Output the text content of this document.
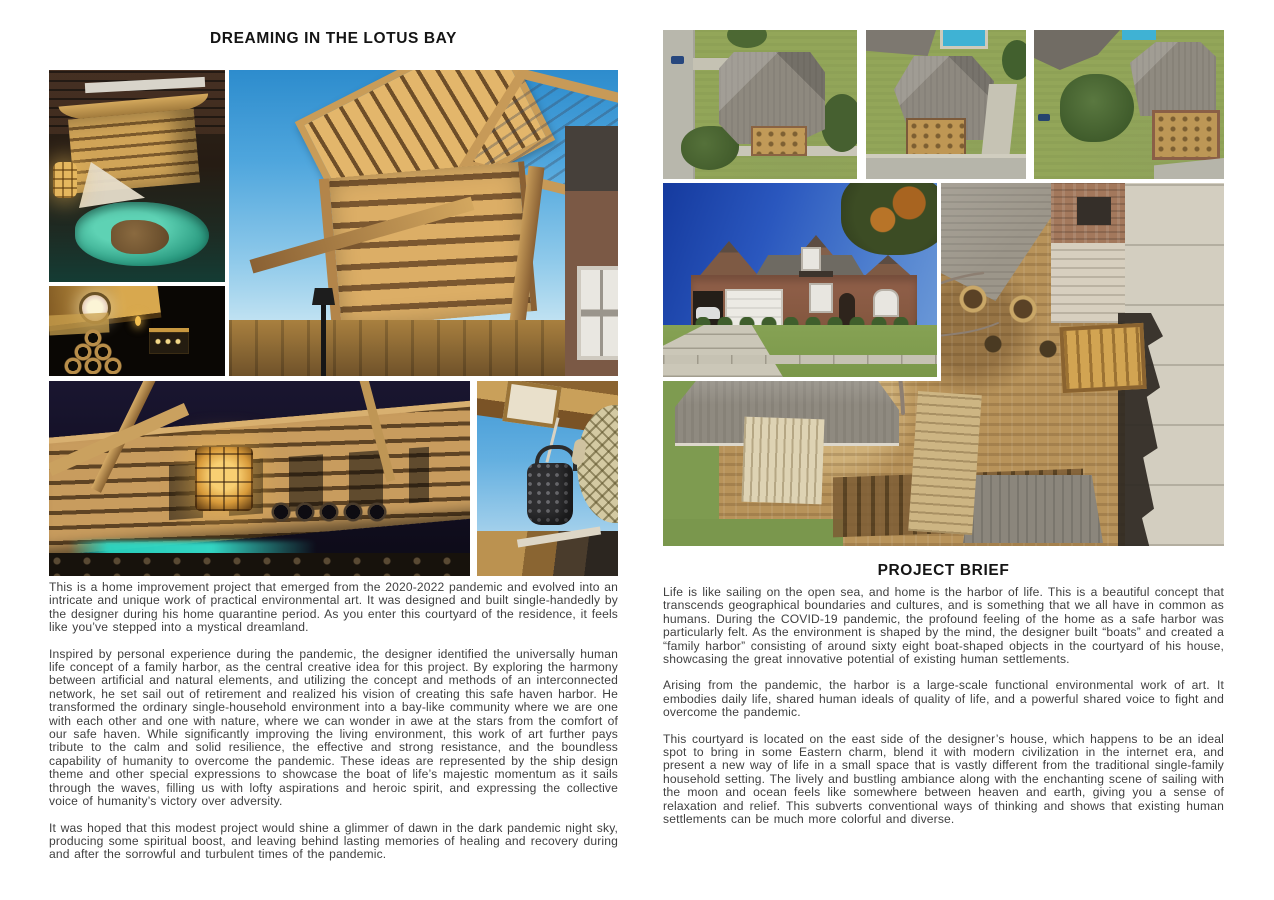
DREAMING IN THE LOTUS BAY

This is a home improvement project that emerged from the 2020-2022 pandemic and evolved into an intricate and unique work of practical environmental art. It was designed and built single-handedly by the designer during his home quarantine period. As you enter this courtyard of the residence, it feels like you’ve stepped into a mystical dreamland.

Inspired by personal experience during the pandemic, the designer identified the universally human life concept of a family harbor, as the central creative idea for this project. By exploring the harmony between artificial and natural elements, and utilizing the concept and methods of an interconnected network, he set sail out of retirement and realized his vision of creating this safe haven harbor. He transformed the ordinary single-household environment into a bay-like community where we are one with each other and one with nature, where we can wonder in awe at the stars from the comfort of our safe haven. While significantly improving the living environment, this work of art further pays tribute to the calm and solid resilience, the effective and strong resistance, and the boundless capability of humanity to overcome the pandemic. These ideas are represented by the ship design theme and other special expressions to showcase the boat of life’s majestic momentum as it sails through the waves, filling us with lofty aspirations and heroic spirit, and expressing the collective voice of humanity’s victory over adversity.

It was hoped that this modest project would shine a glimmer of dawn in the dark pandemic night sky, producing some spiritual boost, and leaving behind lasting memories of healing and recovery during and after the sorrowful and turbulent times of the pandemic.

PROJECT BRIEF

Life is like sailing on the open sea, and home is the harbor of life. This is a beautiful concept that transcends geographical boundaries and cultures, and is something that we all have in common as humans. During the COVID-19 pandemic, the profound feeling of the home as a safe harbor was particularly felt. As the environment is shaped by the mind, the designer built “boats” and created a “family harbor” consisting of around sixty eight boat-shaped objects in the courtyard of his house, showcasing the great innovative potential of existing human settlements.

Arising from the pandemic, the harbor is a large-scale functional environmental work of art. It embodies daily life, shared human ideals of quality of life, and a powerful shared voice to fight and overcome the pandemic.

This courtyard is located on the east side of the designer’s house, which happens to be an ideal spot to bring in some Eastern charm, blend it with modern civilization in the internet era, and present a new way of life in a small space that is vastly different from the traditional single-family household setting. The lively and bustling ambiance along with the enchanting scene of sailing with the moon and ocean feels like somewhere between heaven and earth, giving you a sense of relaxation and relief. This subverts conventional ways of thinking and shows that existing human settlements can be much more colorful and diverse.
